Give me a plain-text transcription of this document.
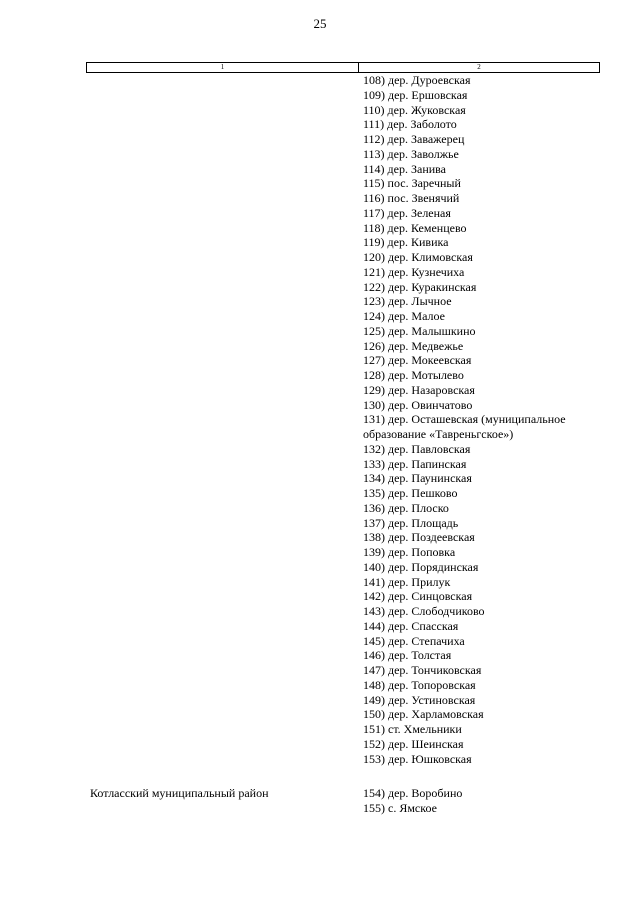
25
1	2
108) дер. Дуроевская
109) дер. Ершовская
110) дер. Жуковская
111) дер. Заболото
112) дер. Заважерец
113) дер. Заволжье
114) дер. Занива
115) пос. Заречный
116) пос. Звенячий
117) дер. Зеленая
118) дер. Кеменцево
119) дер. Кивика
120) дер. Климовская
121) дер. Кузнечиха
122) дер. Куракинская
123) дер. Лычное
124) дер. Малое
125) дер. Малышкино
126) дер. Медвежье
127) дер. Мокеевская
128) дер. Мотылево
129) дер. Назаровская
130) дер. Овинчатово
131) дер. Осташевская (муниципальное образование «Тавреньгское»)
132) дер. Павловская
133) дер. Папинская
134) дер. Паунинская
135) дер. Пешково
136) дер. Плоско
137) дер. Площадь
138) дер. Поздеевская
139) дер. Поповка
140) дер. Порядинская
141) дер. Прилук
142) дер. Синцовская
143) дер. Слободчиково
144) дер. Спасская
145) дер. Степачиха
146) дер. Толстая
147) дер. Тончиковская
148) дер. Топоровская
149) дер. Устиновская
150) дер. Харламовская
151) ст. Хмельники
152) дер. Шеинская
153) дер. Юшковская
Котласский муниципальный район	154) дер. Воробино
155) с. Ямское
